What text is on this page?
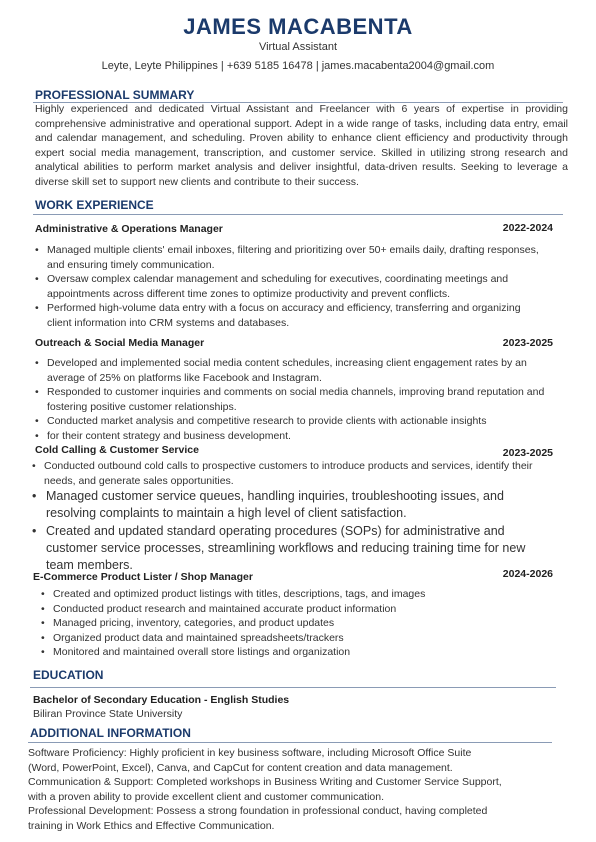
JAMES MACABENTA
Virtual Assistant
Leyte, Leyte Philippines | +639 5185 16478 | james.macabenta2004@gmail.com
PROFESSIONAL SUMMARY
Highly experienced and dedicated Virtual Assistant and Freelancer with 6 years of expertise in providing comprehensive administrative and operational support. Adept in a wide range of tasks, including data entry, email and calendar management, and scheduling. Proven ability to enhance client efficiency and productivity through expert social media management, transcription, and customer service. Skilled in utilizing strong research and analytical abilities to perform market analysis and deliver insightful, data-driven results. Seeking to leverage a diverse skill set to support new clients and contribute to their success.
WORK EXPERIENCE
Administrative & Operations Manager	2022-2024
• Managed multiple clients' email inboxes, filtering and prioritizing over 50+ emails daily, drafting responses, and ensuring timely communication.
• Oversaw complex calendar management and scheduling for executives, coordinating meetings and appointments across different time zones to optimize productivity and prevent conflicts.
• Performed high-volume data entry with a focus on accuracy and efficiency, transferring and organizing client information into CRM systems and databases.
Outreach & Social Media Manager	2023-2025
• Developed and implemented social media content schedules, increasing client engagement rates by an average of 25% on platforms like Facebook and Instagram.
• Responded to customer inquiries and comments on social media channels, improving brand reputation and fostering positive customer relationships.
• Conducted market analysis and competitive research to provide clients with actionable insights
• for their content strategy and business development.
Cold Calling & Customer Service	2023-2025
• Conducted outbound cold calls to prospective customers to introduce products and services, identify their needs, and generate sales opportunities.
• Managed customer service queues, handling inquiries, troubleshooting issues, and resolving complaints to maintain a high level of client satisfaction.
• Created and updated standard operating procedures (SOPs) for administrative and customer service processes, streamlining workflows and reducing training time for new team members.
E-Commerce Product Lister / Shop Manager	2024-2026
• Created and optimized product listings with titles, descriptions, tags, and images
• Conducted product research and maintained accurate product information
• Managed pricing, inventory, categories, and product updates
• Organized product data and maintained spreadsheets/trackers
• Monitored and maintained overall store listings and organization
EDUCATION
Bachelor of Secondary Education - English Studies
Biliran Province State University
ADDITIONAL INFORMATION
Software Proficiency: Highly proficient in key business software, including Microsoft Office Suite
(Word, PowerPoint, Excel), Canva, and CapCut for content creation and data management.
Communication & Support: Completed workshops in Business Writing and Customer Service Support,
with a proven ability to provide excellent client and customer communication.
Professional Development: Possess a strong foundation in professional conduct, having completed
training in Work Ethics and Effective Communication.
